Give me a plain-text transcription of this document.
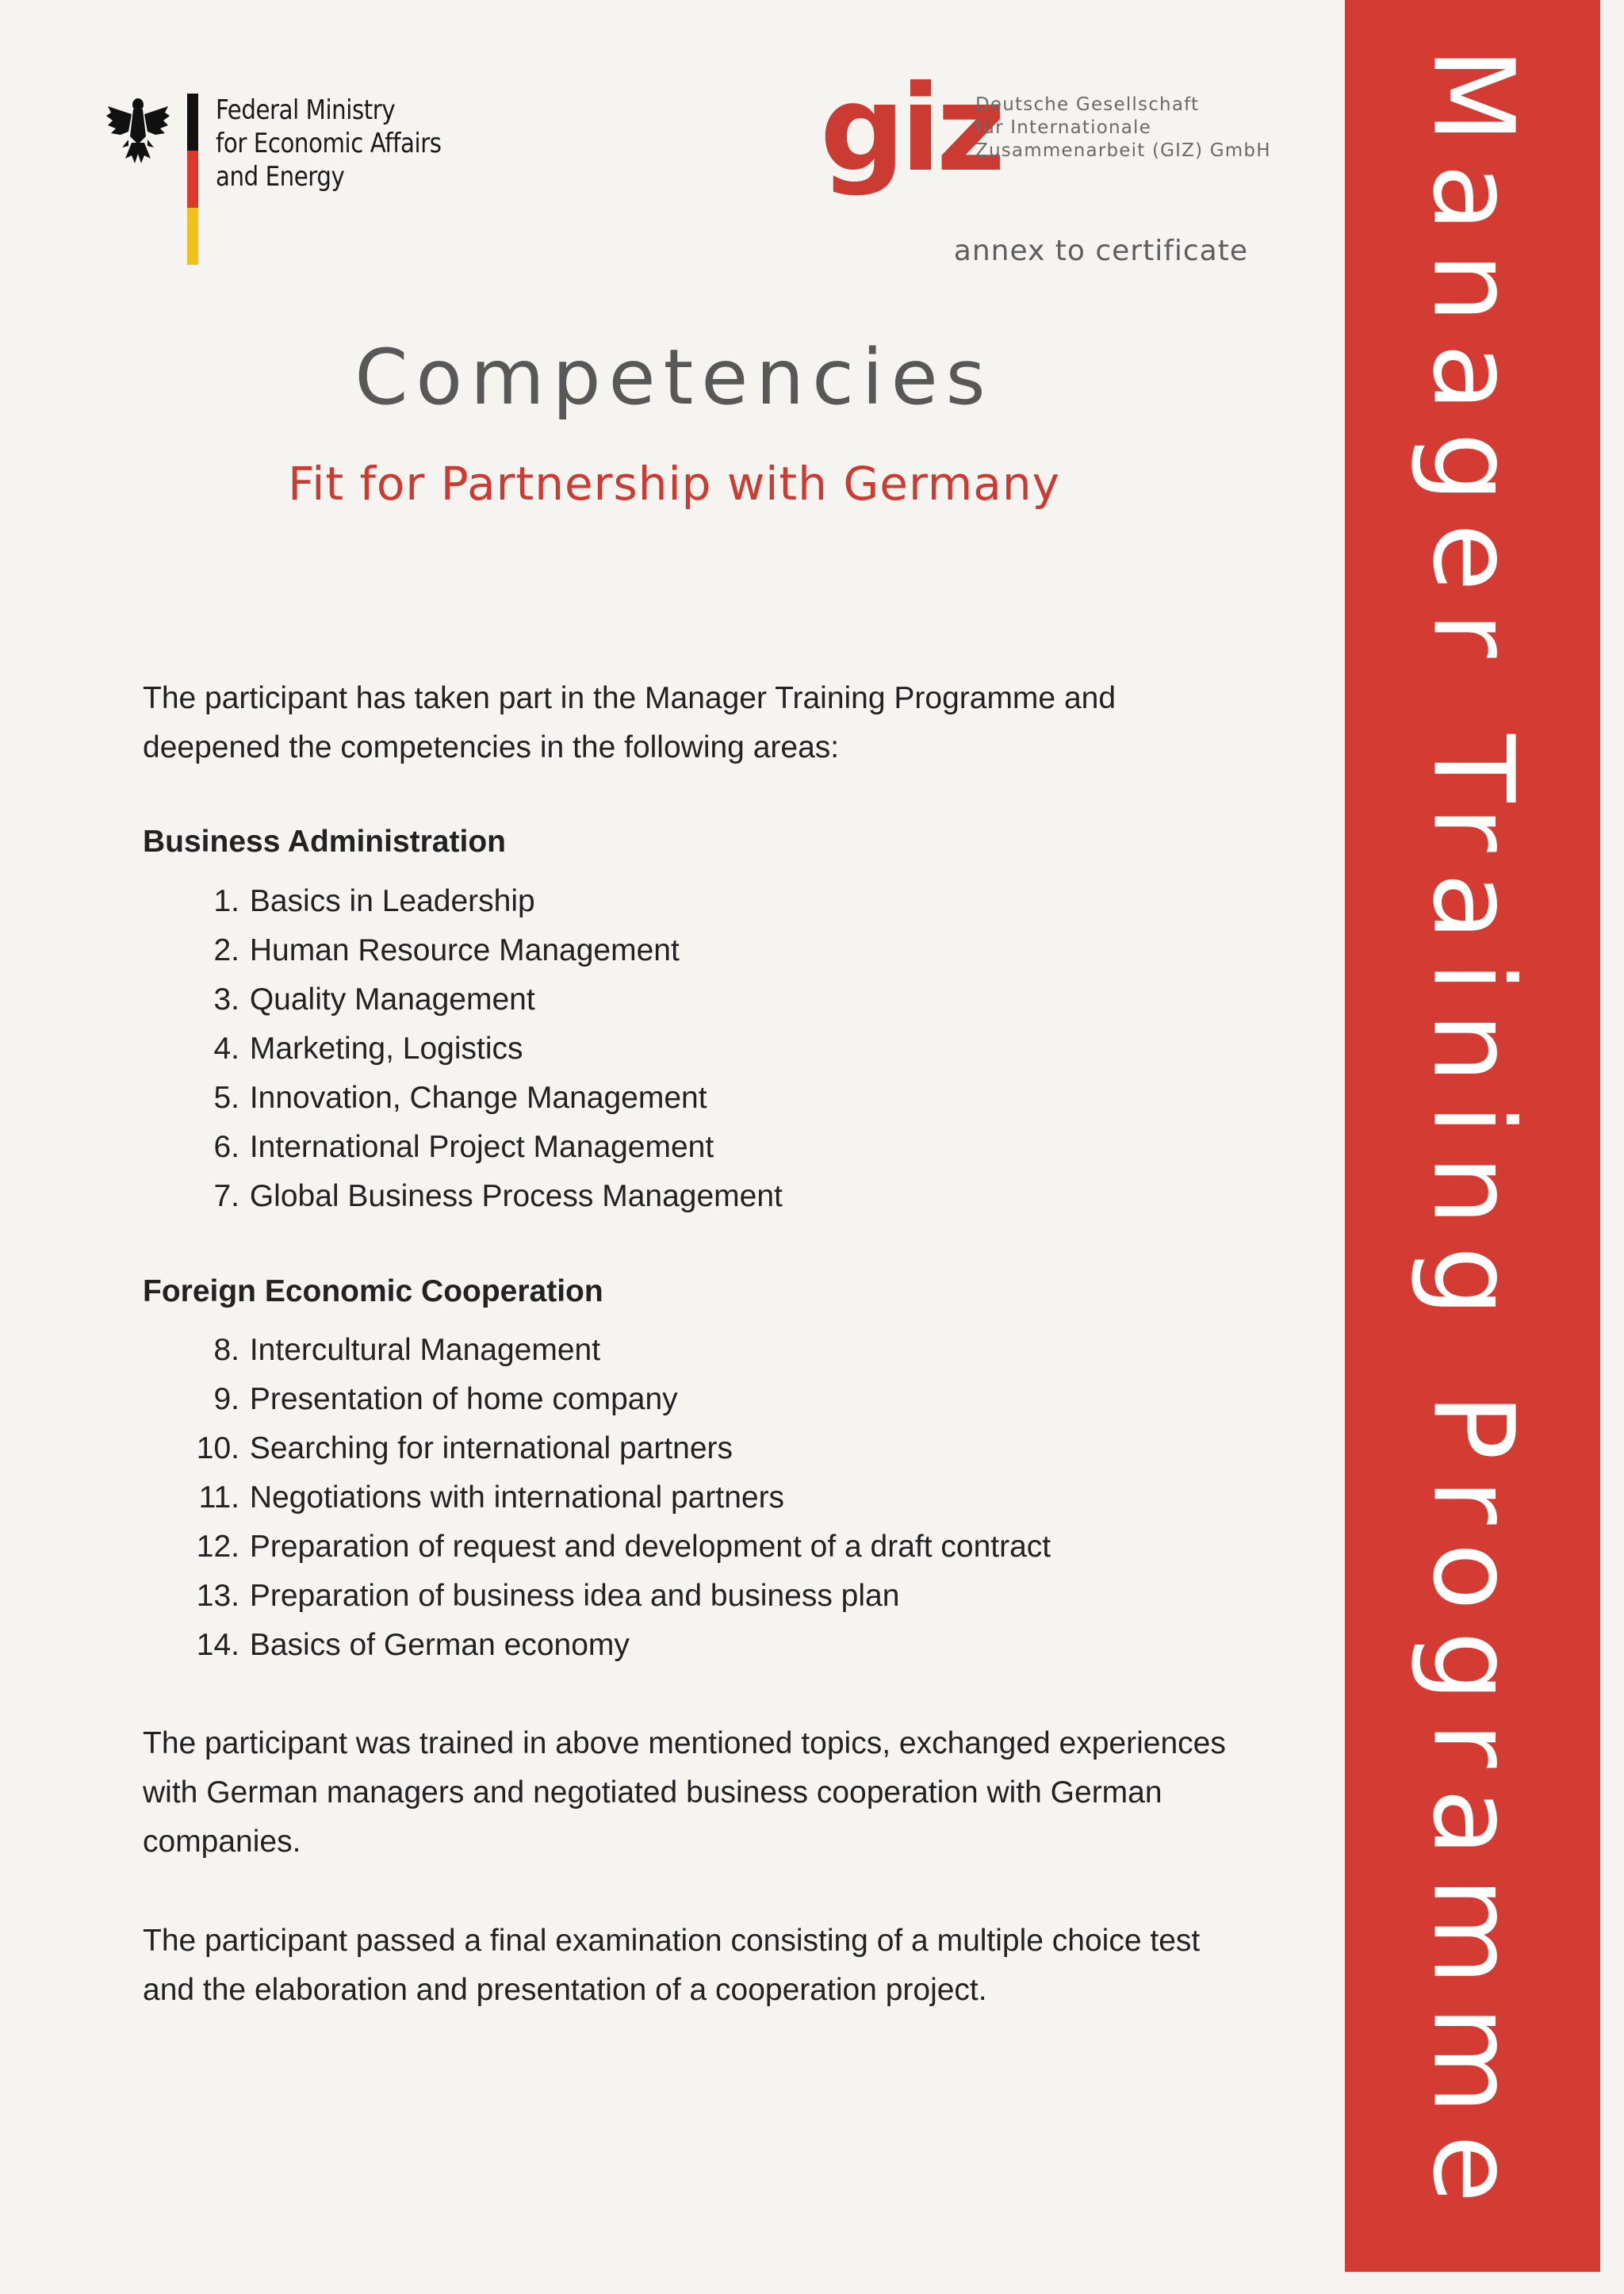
Federal Ministry
for Economic Affairs
and Energy	giz
Deutsche Gesellschaft
für Internationale
Zusammenarbeit (GIZ) GmbH
annex to certificate
Competencies
Fit for Partnership with Germany
The participant has taken part in the Manager Training Programme and deepened the competencies in the following areas:
Business Administration
1. Basics in Leadership
2. Human Resource Management
3. Quality Management
4. Marketing, Logistics
5. Innovation, Change Management
6. International Project Management
7. Global Business Process Management
Foreign Economic Cooperation
8. Intercultural Management
9. Presentation of home company
10. Searching for international partners
11. Negotiations with international partners
12. Preparation of request and development of a draft contract
13. Preparation of business idea and business plan
14. Basics of German economy
The participant was trained in above mentioned topics, exchanged experiences with German managers and negotiated business cooperation with German companies.
The participant passed a final examination consisting of a multiple choice test and the elaboration and presentation of a cooperation project.	Manager Training Programme
